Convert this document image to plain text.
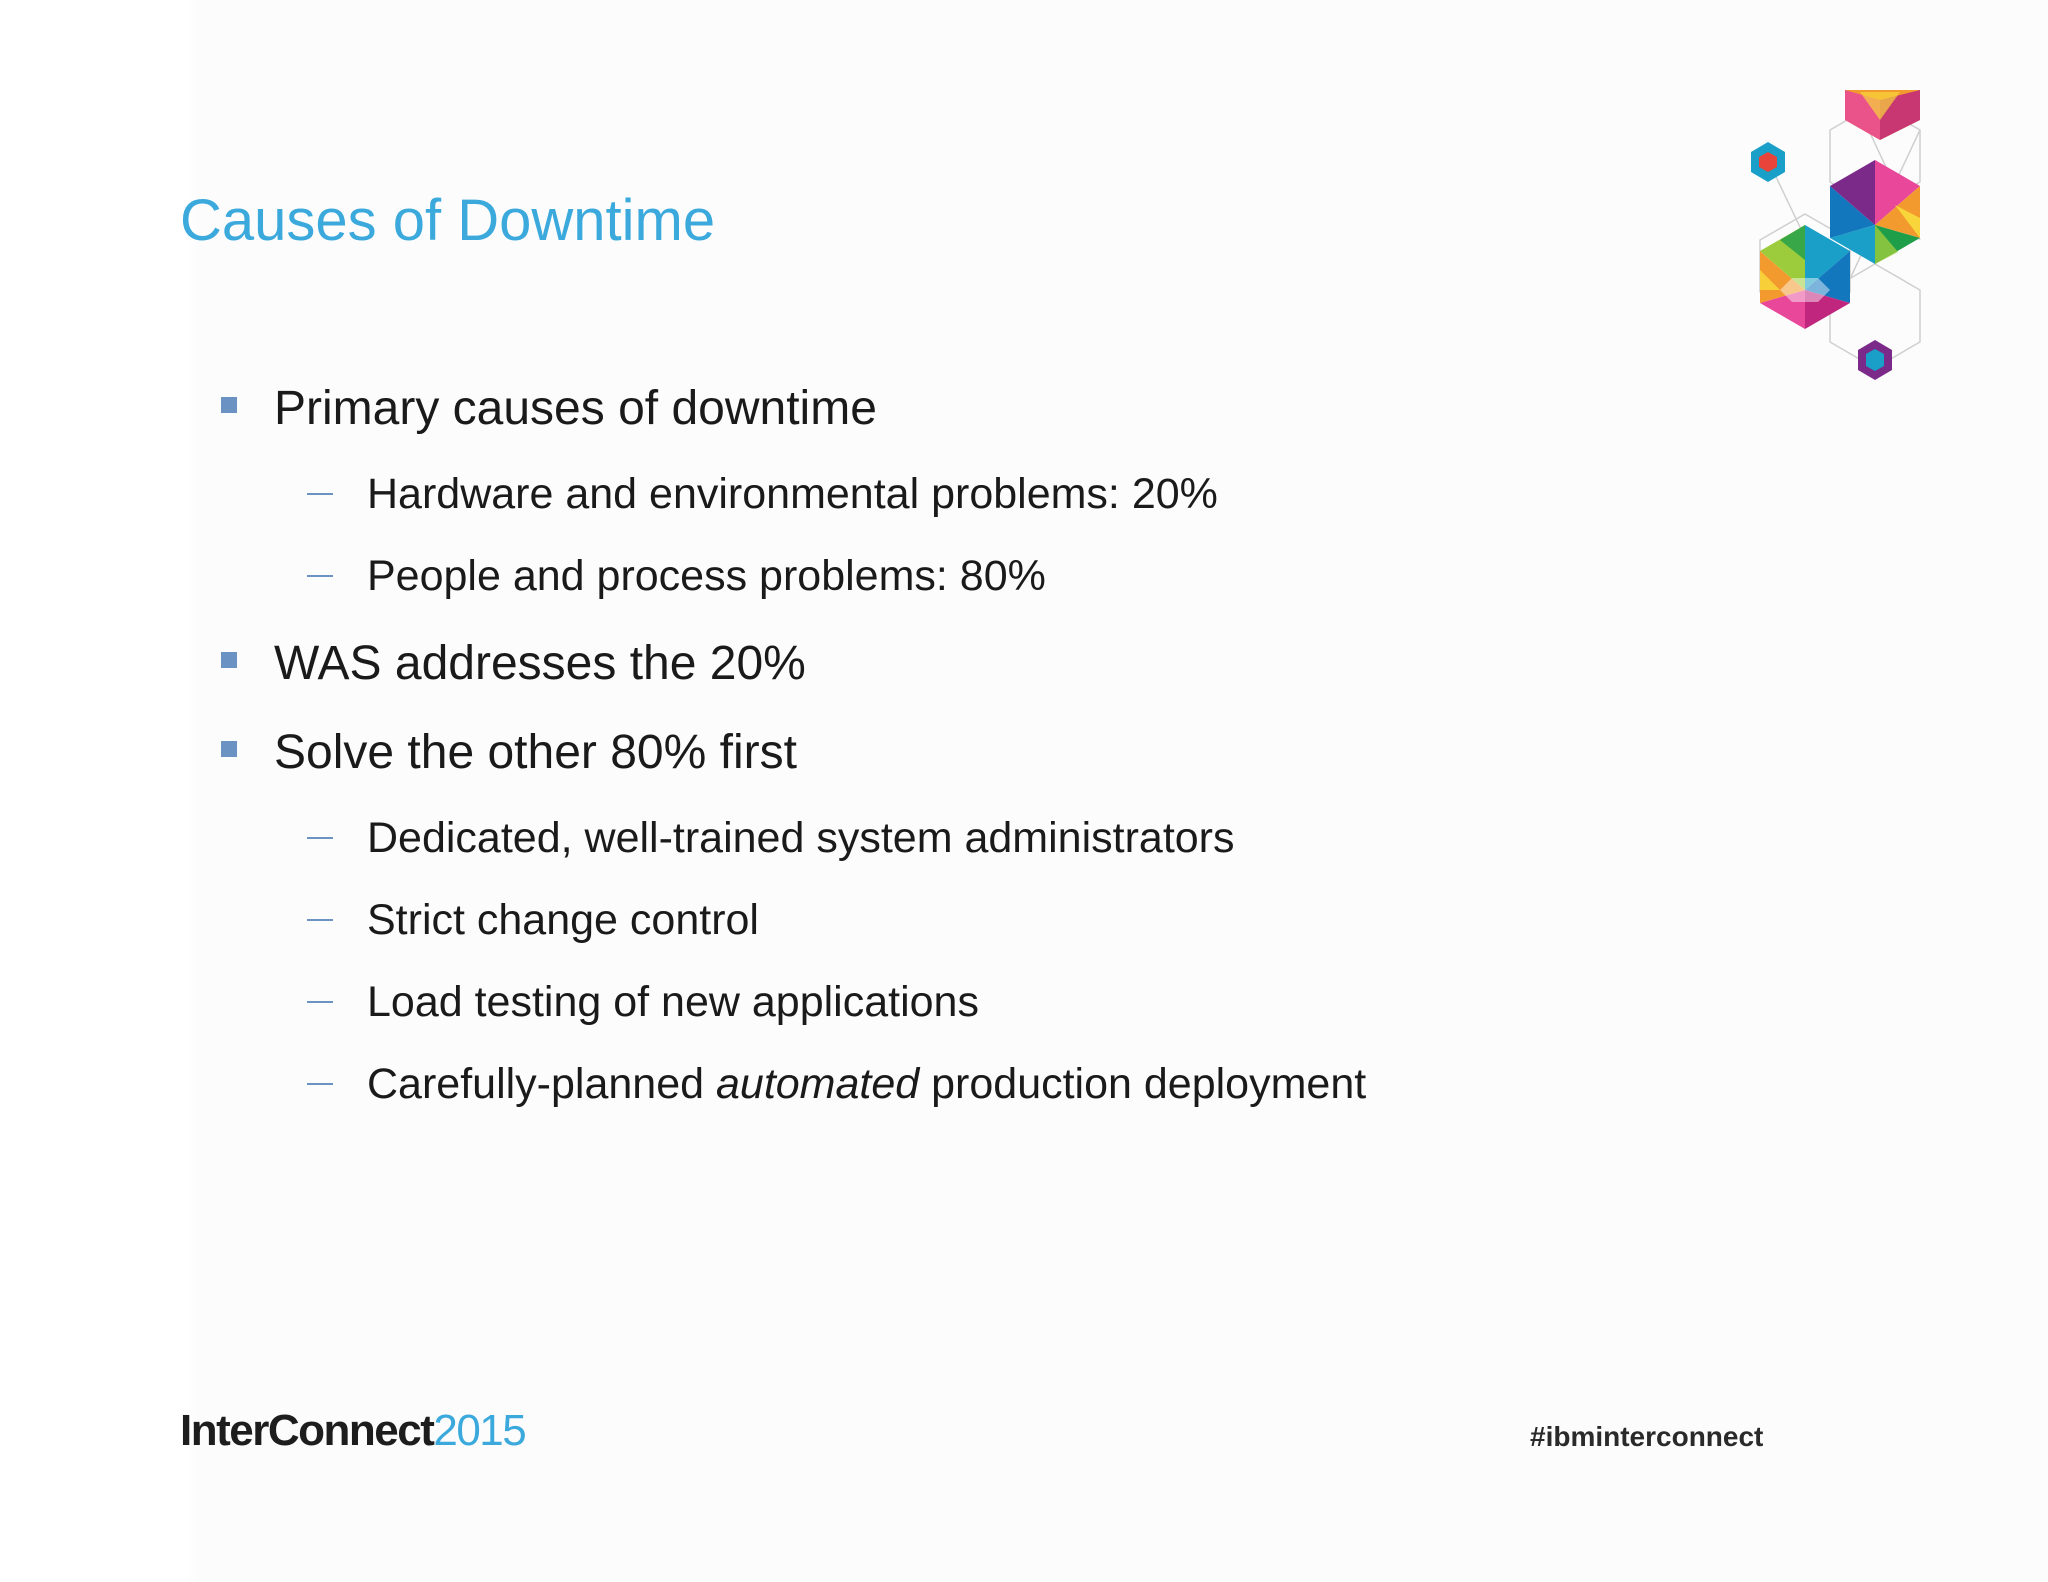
Causes of Downtime
Primary causes of downtime
Hardware and environmental problems: 20%
People and process problems: 80%
WAS addresses the 20%
Solve the other 80% first
Dedicated, well-trained system administrators
Strict change control
Load testing of new applications
Carefully-planned automated production deployment
InterConnect2015	#ibminterconnect
